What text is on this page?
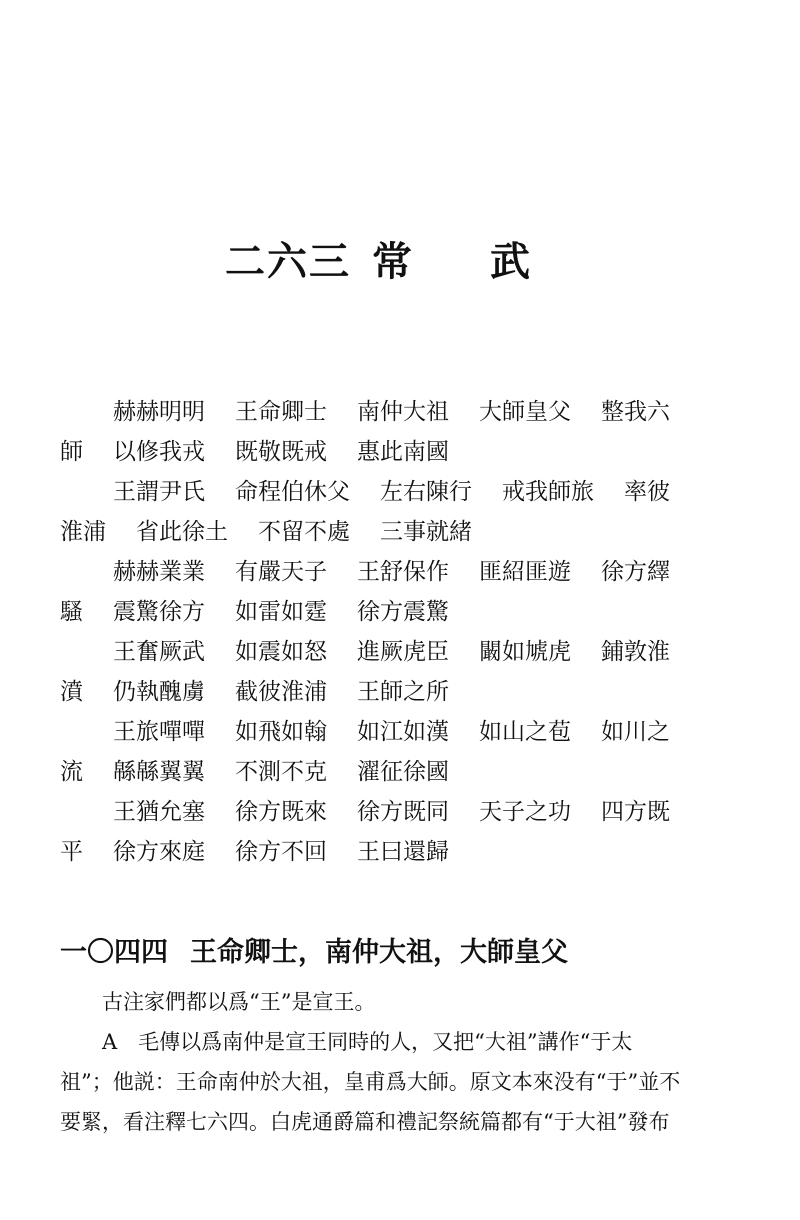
二六三 常 武
赫赫明明 王命卿士 南仲大祖 大師皇父 整我六
師 以修我戎 既敬既戒 惠此南國
王謂尹氏 命程伯休父 左右陳行 戒我師旅 率彼
淮浦 省此徐土 不留不處 三事就緒
赫赫業業 有嚴天子 王舒保作 匪紹匪遊 徐方繹
騷 震驚徐方 如雷如霆 徐方震驚
王奮厥武 如震如怒 進厥虎臣 闞如虓虎 鋪敦淮
濆 仍執醜虜 截彼淮浦 王師之所
王旅嘽嘽 如飛如翰 如江如漢 如山之苞 如川之
流 緜緜翼翼 不測不克 濯征徐國
王猶允塞 徐方既來 徐方既同 天子之功 四方既
平 徐方來庭 徐方不回 王曰還歸
一〇四四 王命卿士，南仲大祖，大師皇父
古注家們都以爲“王”是宣王。
A　毛傳以爲南仲是宣王同時的人，又把“大祖”講作“于太
祖”；他説：王命南仲於大祖，皇甫爲大師。原文本來没有“于”並不
要緊，看注釋七六四。白虎通爵篇和禮記祭統篇都有“于大祖”發布
